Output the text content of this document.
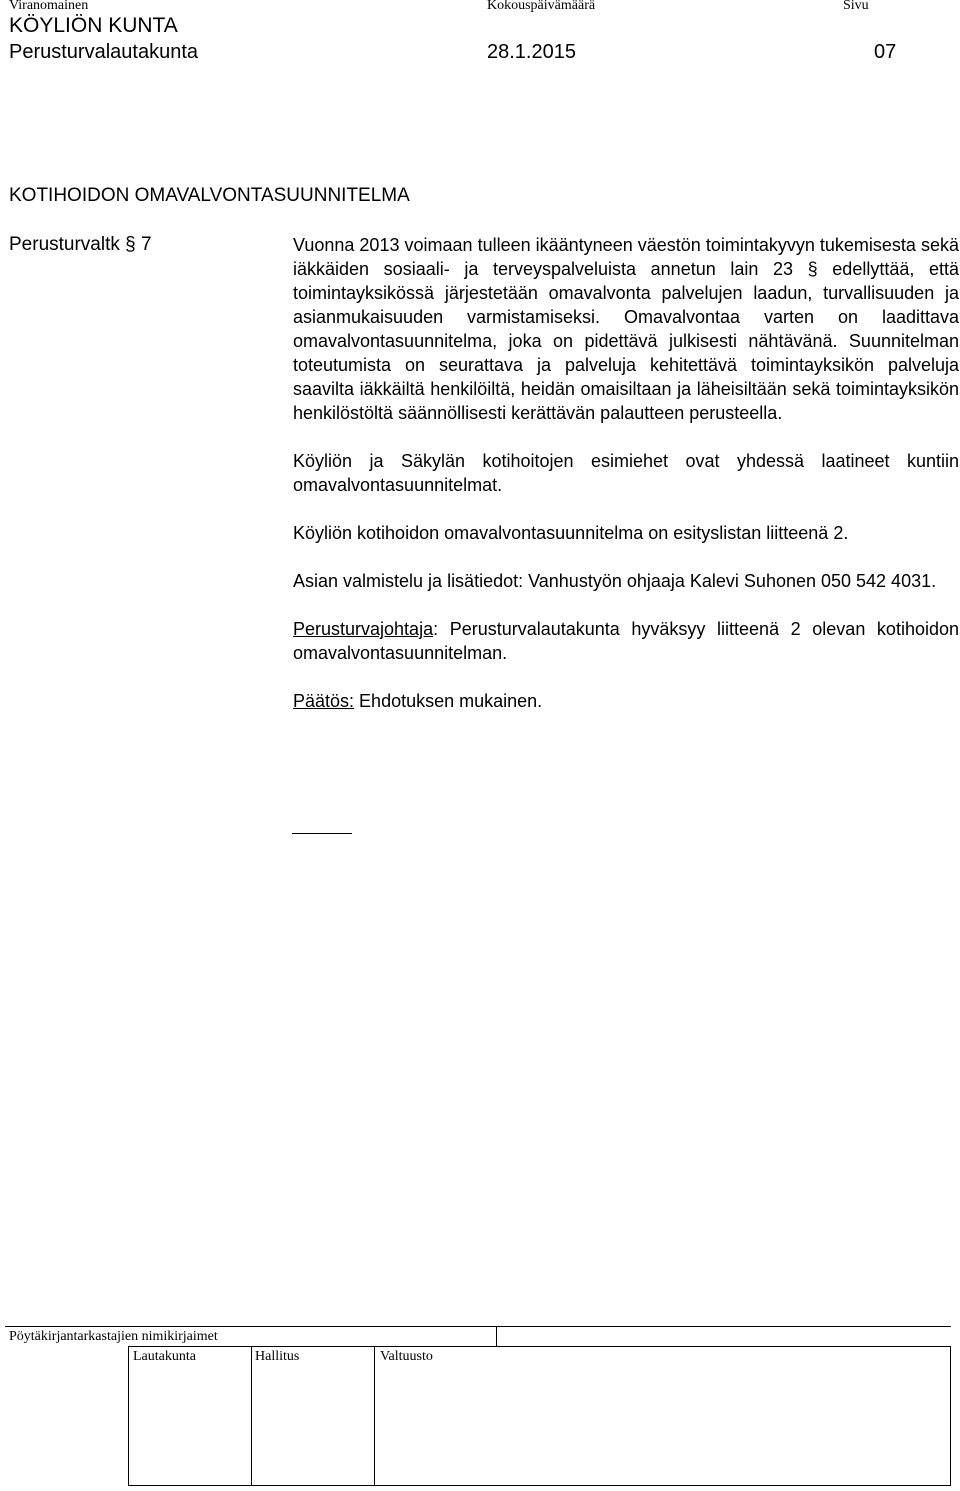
Viranomainen	Kokouspäivämäärä	Sivu
KÖYLIÖN KUNTA
Perusturvalautakunta	28.1.2015	07
KOTIHOIDON OMAVALVONTASUUNNITELMA
Perusturvaltk § 7	Vuonna 2013 voimaan tulleen ikääntyneen väestön toimintakyvyn tukemisesta sekä iäkkäiden sosiaali- ja terveyspalveluista annetun lain 23 § edellyttää, että toimintayksikössä järjestetään omavalvonta palvelujen laadun, turvallisuuden ja asianmukaisuuden varmistamiseksi. Omavalvontaa varten on laadittava omavalvontasuunnitelma, joka on pidettävä julkisesti nähtävänä. Suunnitelman toteutumista on seurattava ja palveluja kehitettävä toimintayksikön palveluja saavilta iäkkäiltä henkilöiltä, heidän omaisiltaan ja läheisiltään sekä toimintayksikön henkilöstöltä säännöllisesti kerättävän palautteen perusteella.

Köyliön ja Säkylän kotihoitojen esimiehet ovat yhdessä laatineet kuntiin omavalvontasuunnitelmat.

Köyliön kotihoidon omavalvontasuunnitelma on esityslistan liitteenä 2.

Asian valmistelu ja lisätiedot: Vanhustyön ohjaaja Kalevi Suhonen 050 542 4031.

Perusturvajohtaja: Perusturvalautakunta hyväksyy liitteenä 2 olevan kotihoidon omavalvontasuunnitelman.

Päätös: Ehdotuksen mukainen.

Pöytäkirjantarkastajien nimikirjaimet
Lautakunta	Hallitus	Valtuusto
